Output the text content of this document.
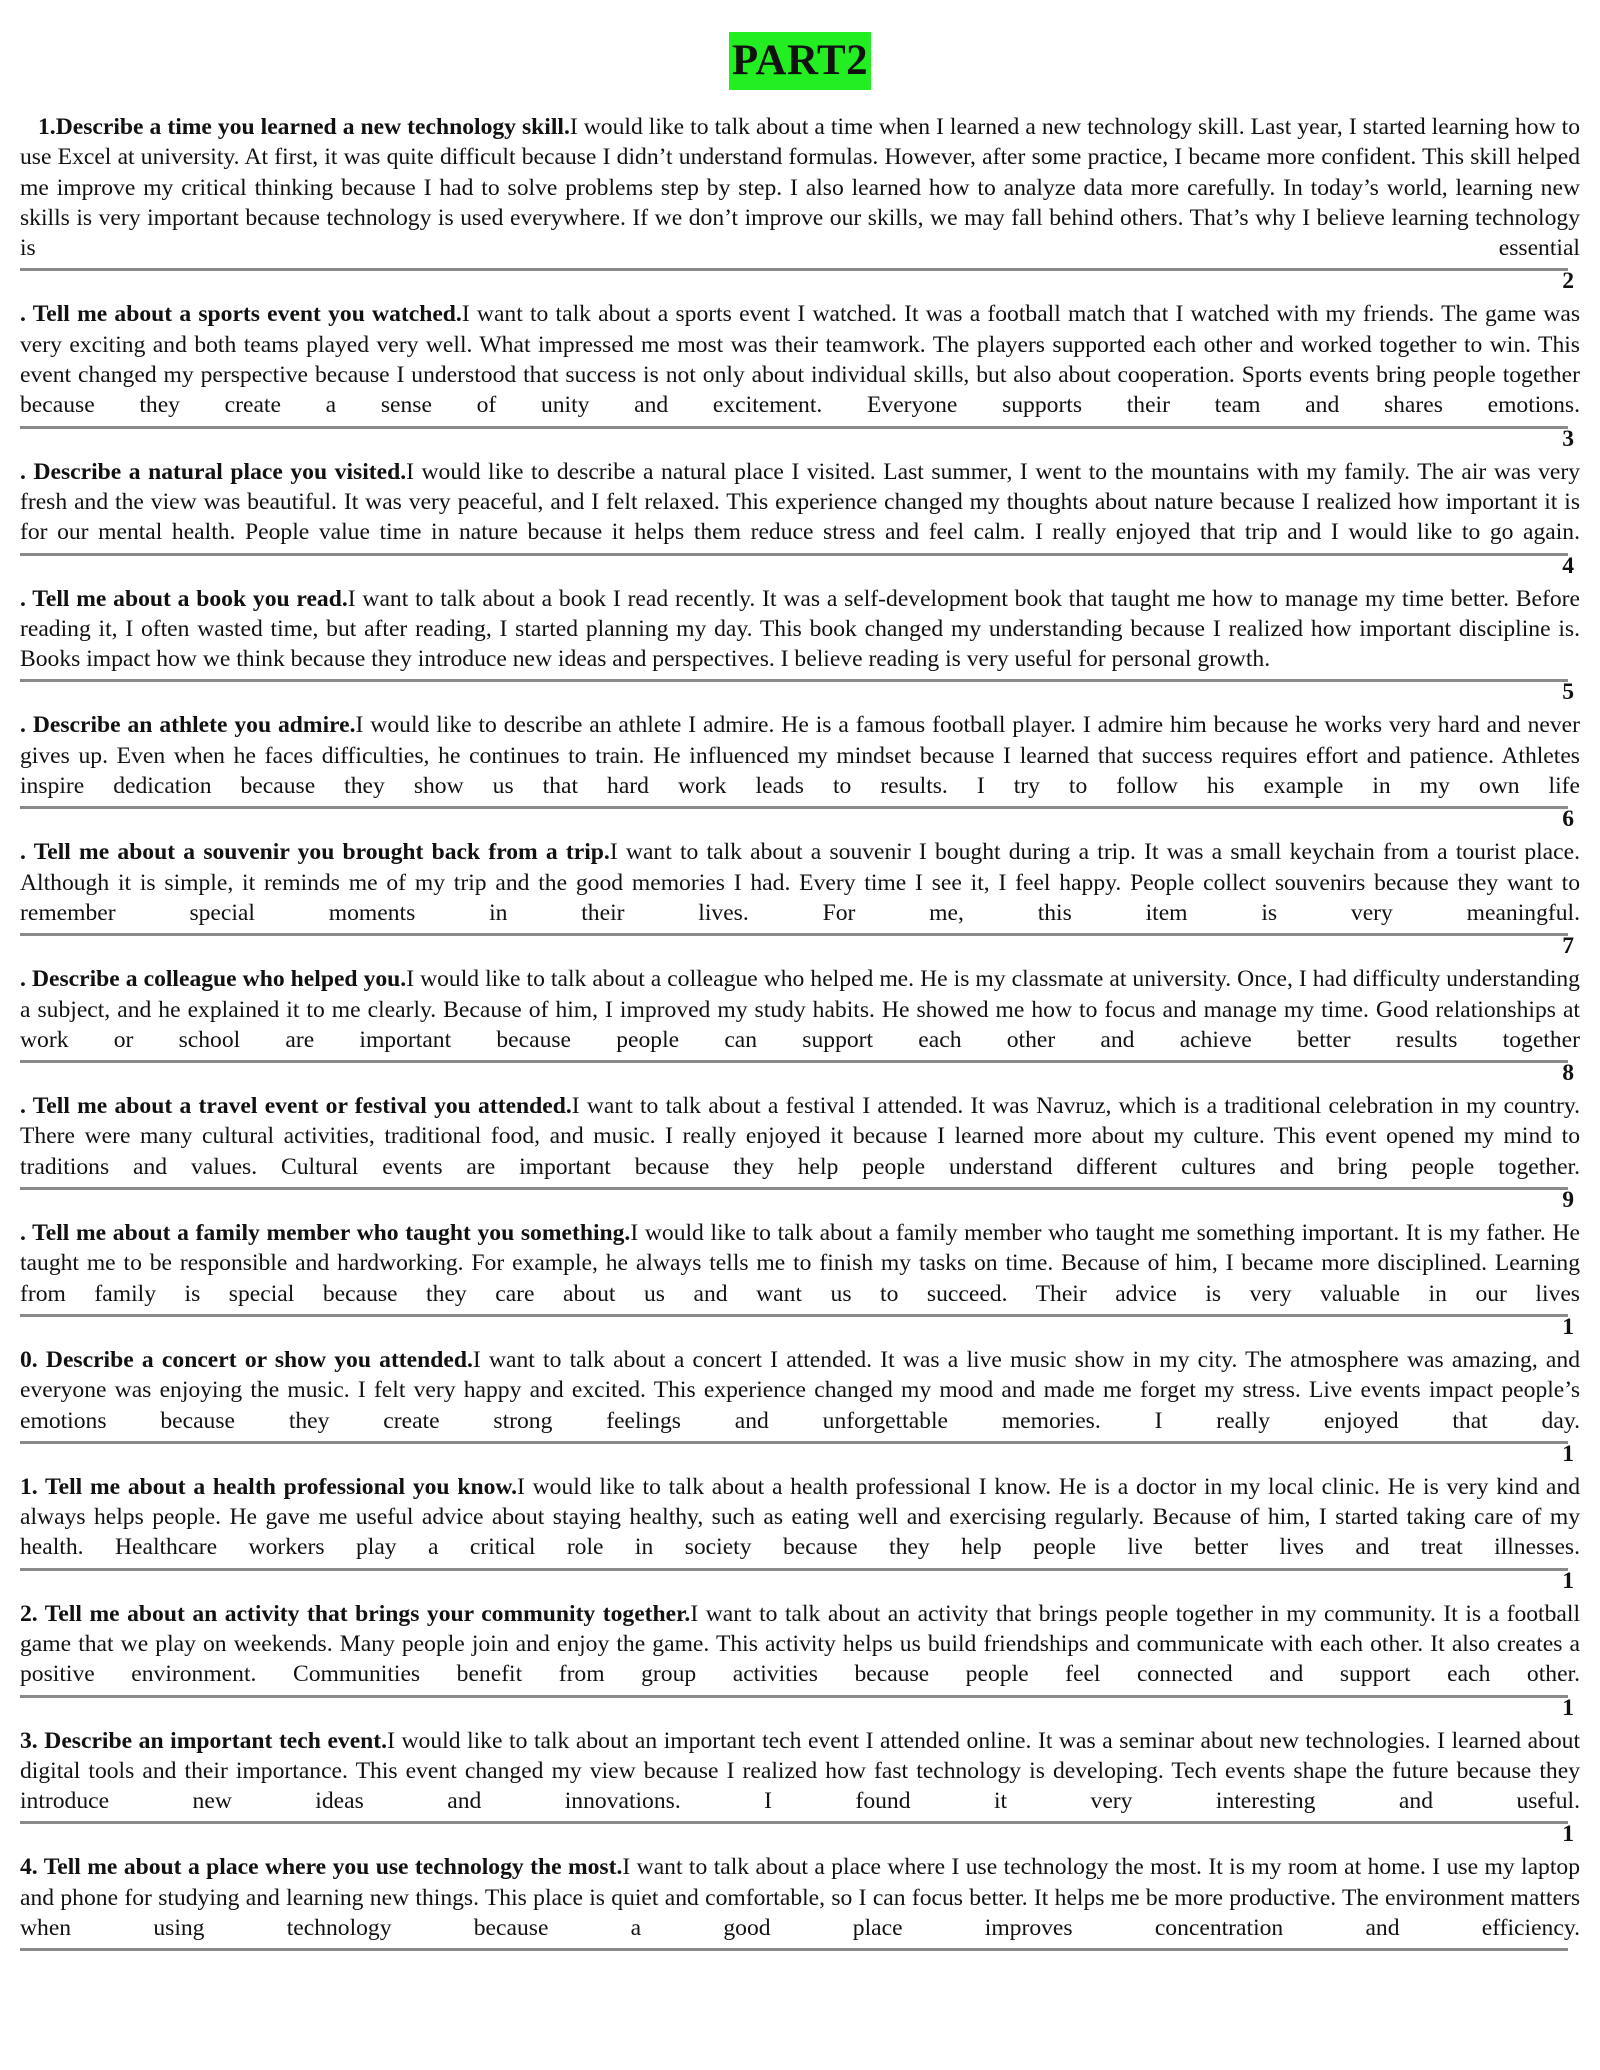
PART2

1.Describe a time you learned a new technology skill.I would like to talk about a time when I learned a new technology skill. Last year, I started learning how to use Excel at university. At first, it was quite difficult because I didn’t understand formulas. However, after some practice, I became more confident. This skill helped me improve my critical thinking because I had to solve problems step by step. I also learned how to analyze data more carefully. In today’s world, learning new skills is very important because technology is used everywhere. If we don’t improve our skills, we may fall behind others. That’s why I believe learning technology is essential

2

. Tell me about a sports event you watched.I want to talk about a sports event I watched. It was a football match that I watched with my friends. The game was very exciting and both teams played very well. What impressed me most was their teamwork. The players supported each other and worked together to win. This event changed my perspective because I understood that success is not only about individual skills, but also about cooperation. Sports events bring people together because they create a sense of unity and excitement. Everyone supports their team and shares emotions.

3

. Describe a natural place you visited.I would like to describe a natural place I visited. Last summer, I went to the mountains with my family. The air was very fresh and the view was beautiful. It was very peaceful, and I felt relaxed. This experience changed my thoughts about nature because I realized how important it is for our mental health. People value time in nature because it helps them reduce stress and feel calm. I really enjoyed that trip and I would like to go again.

4

. Tell me about a book you read.I want to talk about a book I read recently. It was a self-development book that taught me how to manage my time better. Before reading it, I often wasted time, but after reading, I started planning my day. This book changed my understanding because I realized how important discipline is. Books impact how we think because they introduce new ideas and perspectives. I believe reading is very useful for personal growth.

5

. Describe an athlete you admire.I would like to describe an athlete I admire. He is a famous football player. I admire him because he works very hard and never gives up. Even when he faces difficulties, he continues to train. He influenced my mindset because I learned that success requires effort and patience. Athletes inspire dedication because they show us that hard work leads to results. I try to follow his example in my own life

6

. Tell me about a souvenir you brought back from a trip.I want to talk about a souvenir I bought during a trip. It was a small keychain from a tourist place. Although it is simple, it reminds me of my trip and the good memories I had. Every time I see it, I feel happy. People collect souvenirs because they want to remember special moments in their lives. For me, this item is very meaningful.

7

. Describe a colleague who helped you.I would like to talk about a colleague who helped me. He is my classmate at university. Once, I had difficulty understanding a subject, and he explained it to me clearly. Because of him, I improved my study habits. He showed me how to focus and manage my time. Good relationships at work or school are important because people can support each other and achieve better results together

8

. Tell me about a travel event or festival you attended.I want to talk about a festival I attended. It was Navruz, which is a traditional celebration in my country. There were many cultural activities, traditional food, and music. I really enjoyed it because I learned more about my culture. This event opened my mind to traditions and values. Cultural events are important because they help people understand different cultures and bring people together.

9

. Tell me about a family member who taught you something.I would like to talk about a family member who taught me something important. It is my father. He taught me to be responsible and hardworking. For example, he always tells me to finish my tasks on time. Because of him, I became more disciplined. Learning from family is special because they care about us and want us to succeed. Their advice is very valuable in our lives

1

0. Describe a concert or show you attended.I want to talk about a concert I attended. It was a live music show in my city. The atmosphere was amazing, and everyone was enjoying the music. I felt very happy and excited. This experience changed my mood and made me forget my stress. Live events impact people’s emotions because they create strong feelings and unforgettable memories. I really enjoyed that day.

1

1. Tell me about a health professional you know.I would like to talk about a health professional I know. He is a doctor in my local clinic. He is very kind and always helps people. He gave me useful advice about staying healthy, such as eating well and exercising regularly. Because of him, I started taking care of my health. Healthcare workers play a critical role in society because they help people live better lives and treat illnesses.

1

2. Tell me about an activity that brings your community together.I want to talk about an activity that brings people together in my community. It is a football game that we play on weekends. Many people join and enjoy the game. This activity helps us build friendships and communicate with each other. It also creates a positive environment. Communities benefit from group activities because people feel connected and support each other.

1

3. Describe an important tech event.I would like to talk about an important tech event I attended online. It was a seminar about new technologies. I learned about digital tools and their importance. This event changed my view because I realized how fast technology is developing. Tech events shape the future because they introduce new ideas and innovations. I found it very interesting and useful.

1

4. Tell me about a place where you use technology the most.I want to talk about a place where I use technology the most. It is my room at home. I use my laptop and phone for studying and learning new things. This place is quiet and comfortable, so I can focus better. It helps me be more productive. The environment matters when using technology because a good place improves concentration and efficiency.
